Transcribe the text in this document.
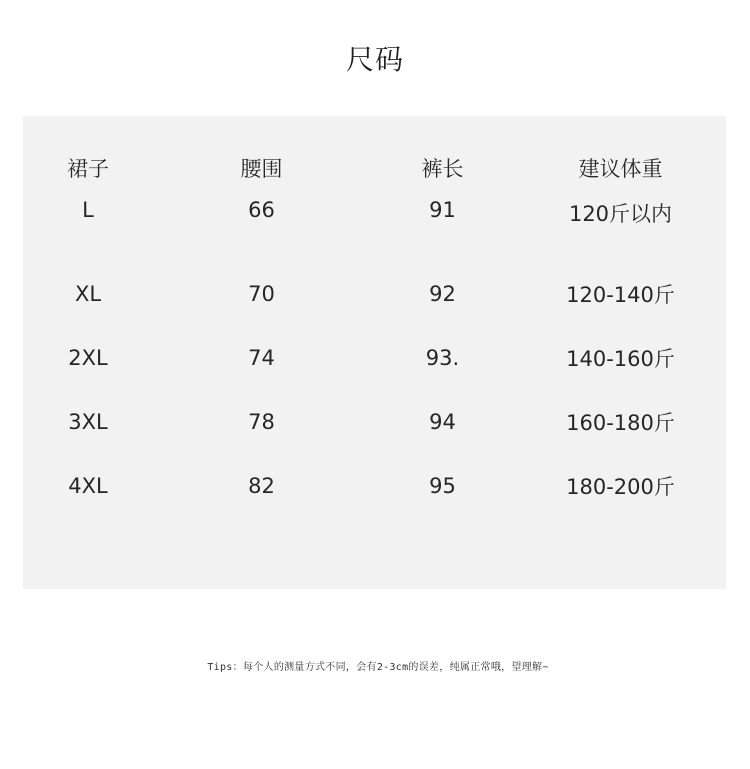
尺码
裙子	腰围	裤长	建议体重
L	66	91	120斤以内
XL	70	92	120-140斤
2XL	74	93.	140-160斤
3XL	78	94	160-180斤
4XL	82	95	180-200斤
Tips：每个人的测量方式不同，会有2-3cm的误差，纯属正常哦，望理解~
